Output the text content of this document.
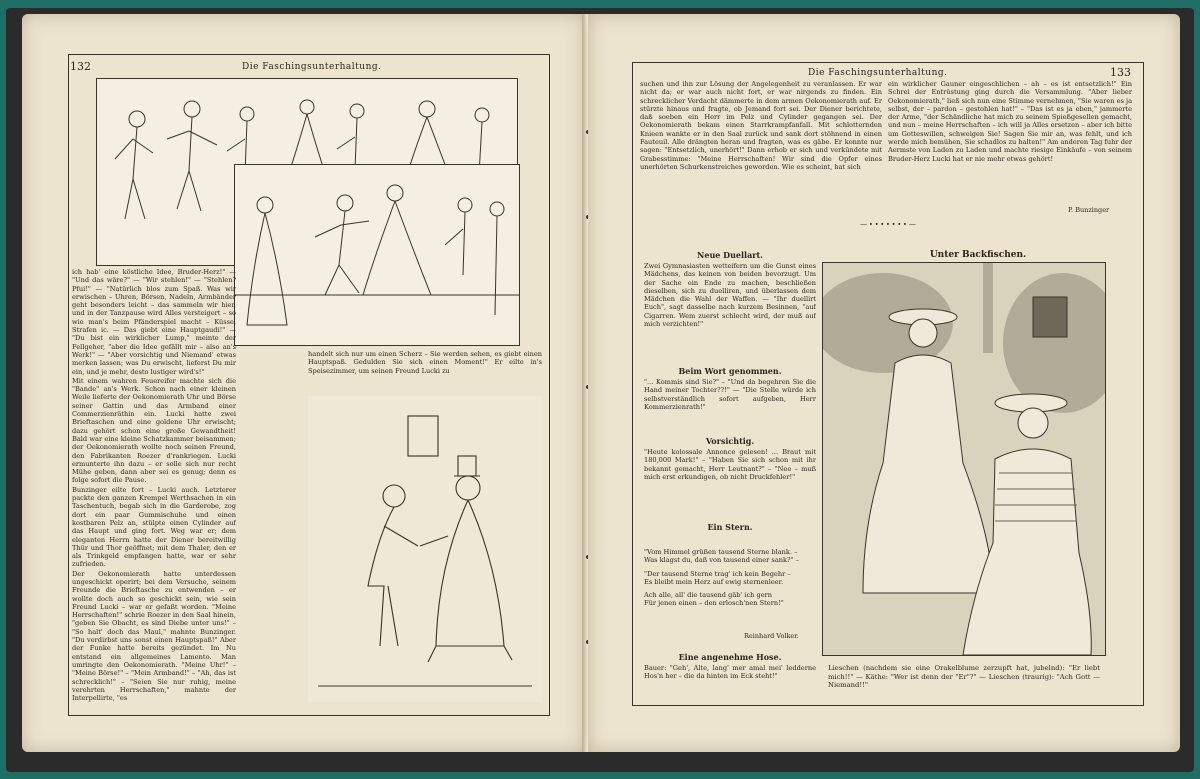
132	Die Faschingsunterhaltung.

ich hab' eine köstliche Idee, Bruder-Herz!" — "Und das wäre?" — "Wir stehlen!" — "Stehlen? Pfui!" — "Natürlich blos zum Spaß. Was wir erwischen – Uhren, Börsen, Nadeln, Armbänder geht besonders leicht – das sammeln wir hier, und in der Tanzpause wird Alles versteigert – so wie man's beim Pfänderspiel macht – Küsse, Strafen ic. — Das giebt eine Hauptgaudi!" — "Du bist ein wirklicher Lump," meinte der Fellgeher, "aber die Idee gefällt mir – also an's Werk!" — "Aber vorsichtig und Niemand' etwas merken lassen; was Du erwischt, lieferst Du mir ein, und je mehr, desto lustiger wird's!"

Mit einem wahren Feuereifer machte sich die "Bande" an's Werk. Schon nach einer kleinen Weile lieferte der Oekonomierath Uhr und Börse seiner Gattin und das Armband einer Commerzienräthin ein. Lucki hatte zwei Brieftaschen und eine goldene Uhr erwischt; dazu gehört schon eine große Gewandtheit! Bald war eine kleine Schatzkammer beisammen; der Oekonomierath wollte noch seinen Freund, den Fabrikanten Roezer d'rankriegen. Lucki ermunterte ihn dazu – er solle sich nur recht Mühe geben, dann aber sei es genug; denn es folge sofort die Pause.

Bunzinger eilte fort – Lucki auch. Letzterer packte den ganzen Krempel Werthsachen in ein Taschentuch, begab sich in die Garderobe, zog dort ein paar Gummischuhe und einen kostbaren Pelz an, stülpte einen Cylinder auf das Haupt und ging fort. Weg war er; dem eleganten Herrn hatte der Diener bereitwillig Thür und Thor geöffnet; mit dem Thaler, den er als Trinkgeld empfangen hatte, war er sehr zufrieden.

Der Oekonomierath hatte unterdessen ungeschickt operirt; bei dem Versuche, seinem Freunde die Brieftasche zu entwenden – er wollte doch auch so geschickt sein, wie sein Freund Lucki – war er gefaßt worden. "Meine Herrschaften!" schrie Roezer in den Saal hinein, "geben Sie Obacht, es sind Diebe unter uns!" – "So halt' doch das Maul," mahnte Bunzinger. "Du verdirbst uns sonst einen Hauptspaß!" Aber der Funke hatte bereits gezündet. Im Nu entstand ein allgemeines Lamento. Man umringte den Oekonomierath. "Meine Uhr!" – "Meine Börse!" – "Mein Armband!" – "Ah, das ist schrecklich!" – "Seien Sie nur ruhig, meine verehrten Herrschaften," mahnte der Interpellirte, "es

handelt sich nur um einen Scherz – Sie werden sehen, es giebt einen Hauptspaß. Gedulden Sie sich einen Moment!" Er eilte in's Speisezimmer, um seinen Freund Lucki zu
Die Faschingsunterhaltung.	133
suchen und ihn zur Lösung der Angelegenheit zu veranlassen. Er war nicht da; er war auch nicht fort, er war nirgends zu finden. Ein schrecklicher Verdacht dämmerte in dem armen Oekonomierath auf. Er stürzte hinaus und fragte, ob Jemand fort sei. Der Diener berichtete, daß soeben ein Herr im Pelz und Cylinder gegangen sei. Der Oekonomierath bekam einen Starrkrampfanfall. Mit schlotternden Knieen wankte er in den Saal zurück und sank dort stöhnend in einen Fauteuil. Alle drängten heran und fragten, was es gäbe. Er konnte nur sagen: "Entsetzlich, unerhört!" Dann erhob er sich und verkündete mit Grabesstimme: "Meine Herrschaften! Wir sind die Opfer eines unerhörten Schurkenstreiches geworden. Wie es scheint, hat sich
ein wirklicher Gauner eingeschlichen – ah – es ist entsetzlich!" Ein Schrei der Entrüstung ging durch die Versammlung. "Aber lieber Oekonomierath," ließ sich nun eine Stimme vernehmen, "Sie waren es ja selbst, der – pardon – gestohlen hat!" – "Das ist es ja eben," jammerte der Arme, "der Schändliche hat mich zu seinem Spießgesellen gemacht, und nun – meine Herrschaften – ich will ja Alles ersetzen – aber ich bitte um Gotteswillen, schweigen Sie! Sagen Sie mir an, was fehlt, und ich werde mich bemühen, Sie schadlos zu halten!" Am anderen Tag fuhr der Aermste von Laden zu Laden und machte riesige Einkäufe – von seinem Bruder-Herz Lucki hat er nie mehr etwas gehört!
P. Bunzinger
— ∙ ∙ ∙ ∙ ∙ ∙ ∙ —
Neue Duellart.
Zwei Gymnasiasten wetteifern um die Gunst eines Mädchens, das keinen von beiden bevorzugt. Um der Sache ein Ende zu machen, beschließen dieselben, sich zu duelliren, und überlassen dem Mädchen die Wahl der Waffen. — "Ihr duellirt Euch", sagt dasselbe nach kurzem Besinnen, "auf Cigarren. Wem zuerst schlecht wird, der muß auf mich verzichten!"
Beim Wort genommen.
"... Kommis sind Sie?" – "Und da begehren Sie die Hand meiner Tochter??!" — "Die Stelle würde ich selbstverständlich sofort aufgeben, Herr Kommerzienrath!"
Vorsichtig.
"Heute kolossale Annonce gelesen! ... Braut mit 180,000 Mark!" – "Haben Sie sich schon mit ihr bekannt gemacht, Herr Leutnant?" – "Nee – muß mich erst erkundigen, ob nicht Druckfehler!"
Ein Stern.
"Vom Himmel grüßen tausend Sterne blank. –
Was klagst du, daß von tausend einer sank?" –
"Der tausend Sterne trag' ich kein Begehr –
Es bleibt mein Herz auf ewig sternenleer.
Ach alle, all' die tausend gäb' ich gern
Für jenen einen – den erlosch'nen Stern!"
Reinhard Volker.
Eine angenehme Hose.
Bauer: "Geh', Alte, lang' mer amal mei' ledderne Hos'n her – die da hinten im Eck steht!"
Unter Backfischen.
Lieschen (nachdem sie eine Orakelblume zerzupft hat, jubelnd): "Er liebt mich!!" — Käthe: "Wer ist denn der "Er"?" — Lieschen (traurig): "Ach Gott — Niemand!!"
